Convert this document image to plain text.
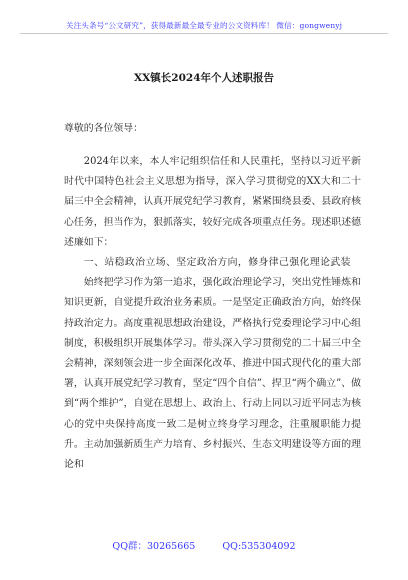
关注头条号“公文研究”，获得最新最全最专业的公文资料库！ 微信：gongwenyj
XX镇长2024年个人述职报告
尊敬的各位领导：

2024年以来，本人牢记组织信任和人民重托，坚持以习近平新时代中国特色社会主义思想为指导，深入学习贯彻党的XX大和二十届三中全会精神，认真开展党纪学习教育，紧紧围绕县委、县政府核心任务，担当作为，狠抓落实，较好完成各项重点任务。现述职述德述廉如下：

一、站稳政治立场、坚定政治方向，修身律己强化理论武装

始终把学习作为第一追求，强化政治理论学习，突出党性锤炼和知识更新，自觉提升政治业务素质。一是坚定正确政治方向，始终保持政治定力。高度重视思想政治建设，严格执行党委理论学习中心组制度，积极组织开展集体学习。带头深入学习贯彻党的二十届三中全会精神，深刻领会进一步全面深化改革、推进中国式现代化的重大部署，认真开展党纪学习教育，坚定“四个自信”、捍卫“两个确立”、做到“两个维护”，自觉在思想上、政治上、行动上同以习近平同志为核心的党中央保持高度一致二是树立终身学习理念，注重履职能力提升。主动加强新质生产力培育、乡村振兴、生态文明建设等方面的理论和

QQ群：30265665	QQ:535304092
